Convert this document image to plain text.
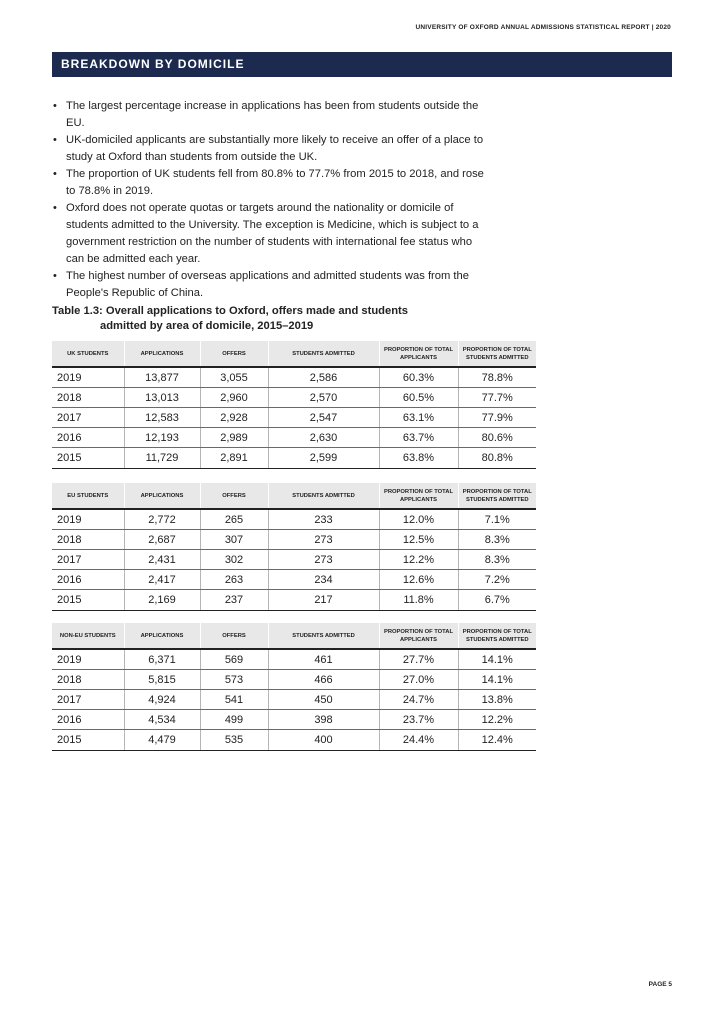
UNIVERSITY OF OXFORD ANNUAL ADMISSIONS STATISTICAL REPORT | 2020
BREAKDOWN BY DOMICILE
• The largest percentage increase in applications has been from students outside the EU.
• UK-domiciled applicants are substantially more likely to receive an offer of a place to study at Oxford than students from outside the UK.
• The proportion of UK students fell from 80.8% to 77.7% from 2015 to 2018, and rose to 78.8% in 2019.
• Oxford does not operate quotas or targets around the nationality or domicile of students admitted to the University. The exception is Medicine, which is subject to a government restriction on the number of students with international fee status who can be admitted each year.
• The highest number of overseas applications and admitted students was from the People's Republic of China.
Table 1.3: Overall applications to Oxford, offers made and students
admitted by area of domicile, 2015–2019
UK STUDENTS	APPLICATIONS	OFFERS	STUDENTS ADMITTED	PROPORTION OF TOTAL APPLICANTS	PROPORTION OF TOTAL STUDENTS ADMITTED
2019	13,877	3,055	2,586	60.3%	78.8%
2018	13,013	2,960	2,570	60.5%	77.7%
2017	12,583	2,928	2,547	63.1%	77.9%
2016	12,193	2,989	2,630	63.7%	80.6%
2015	11,729	2,891	2,599	63.8%	80.8%
EU STUDENTS	APPLICATIONS	OFFERS	STUDENTS ADMITTED	PROPORTION OF TOTAL APPLICANTS	PROPORTION OF TOTAL STUDENTS ADMITTED
2019	2,772	265	233	12.0%	7.1%
2018	2,687	307	273	12.5%	8.3%
2017	2,431	302	273	12.2%	8.3%
2016	2,417	263	234	12.6%	7.2%
2015	2,169	237	217	11.8%	6.7%
NON-EU STUDENTS	APPLICATIONS	OFFERS	STUDENTS ADMITTED	PROPORTION OF TOTAL APPLICANTS	PROPORTION OF TOTAL STUDENTS ADMITTED
2019	6,371	569	461	27.7%	14.1%
2018	5,815	573	466	27.0%	14.1%
2017	4,924	541	450	24.7%	13.8%
2016	4,534	499	398	23.7%	12.2%
2015	4,479	535	400	24.4%	12.4%
PAGE 5
